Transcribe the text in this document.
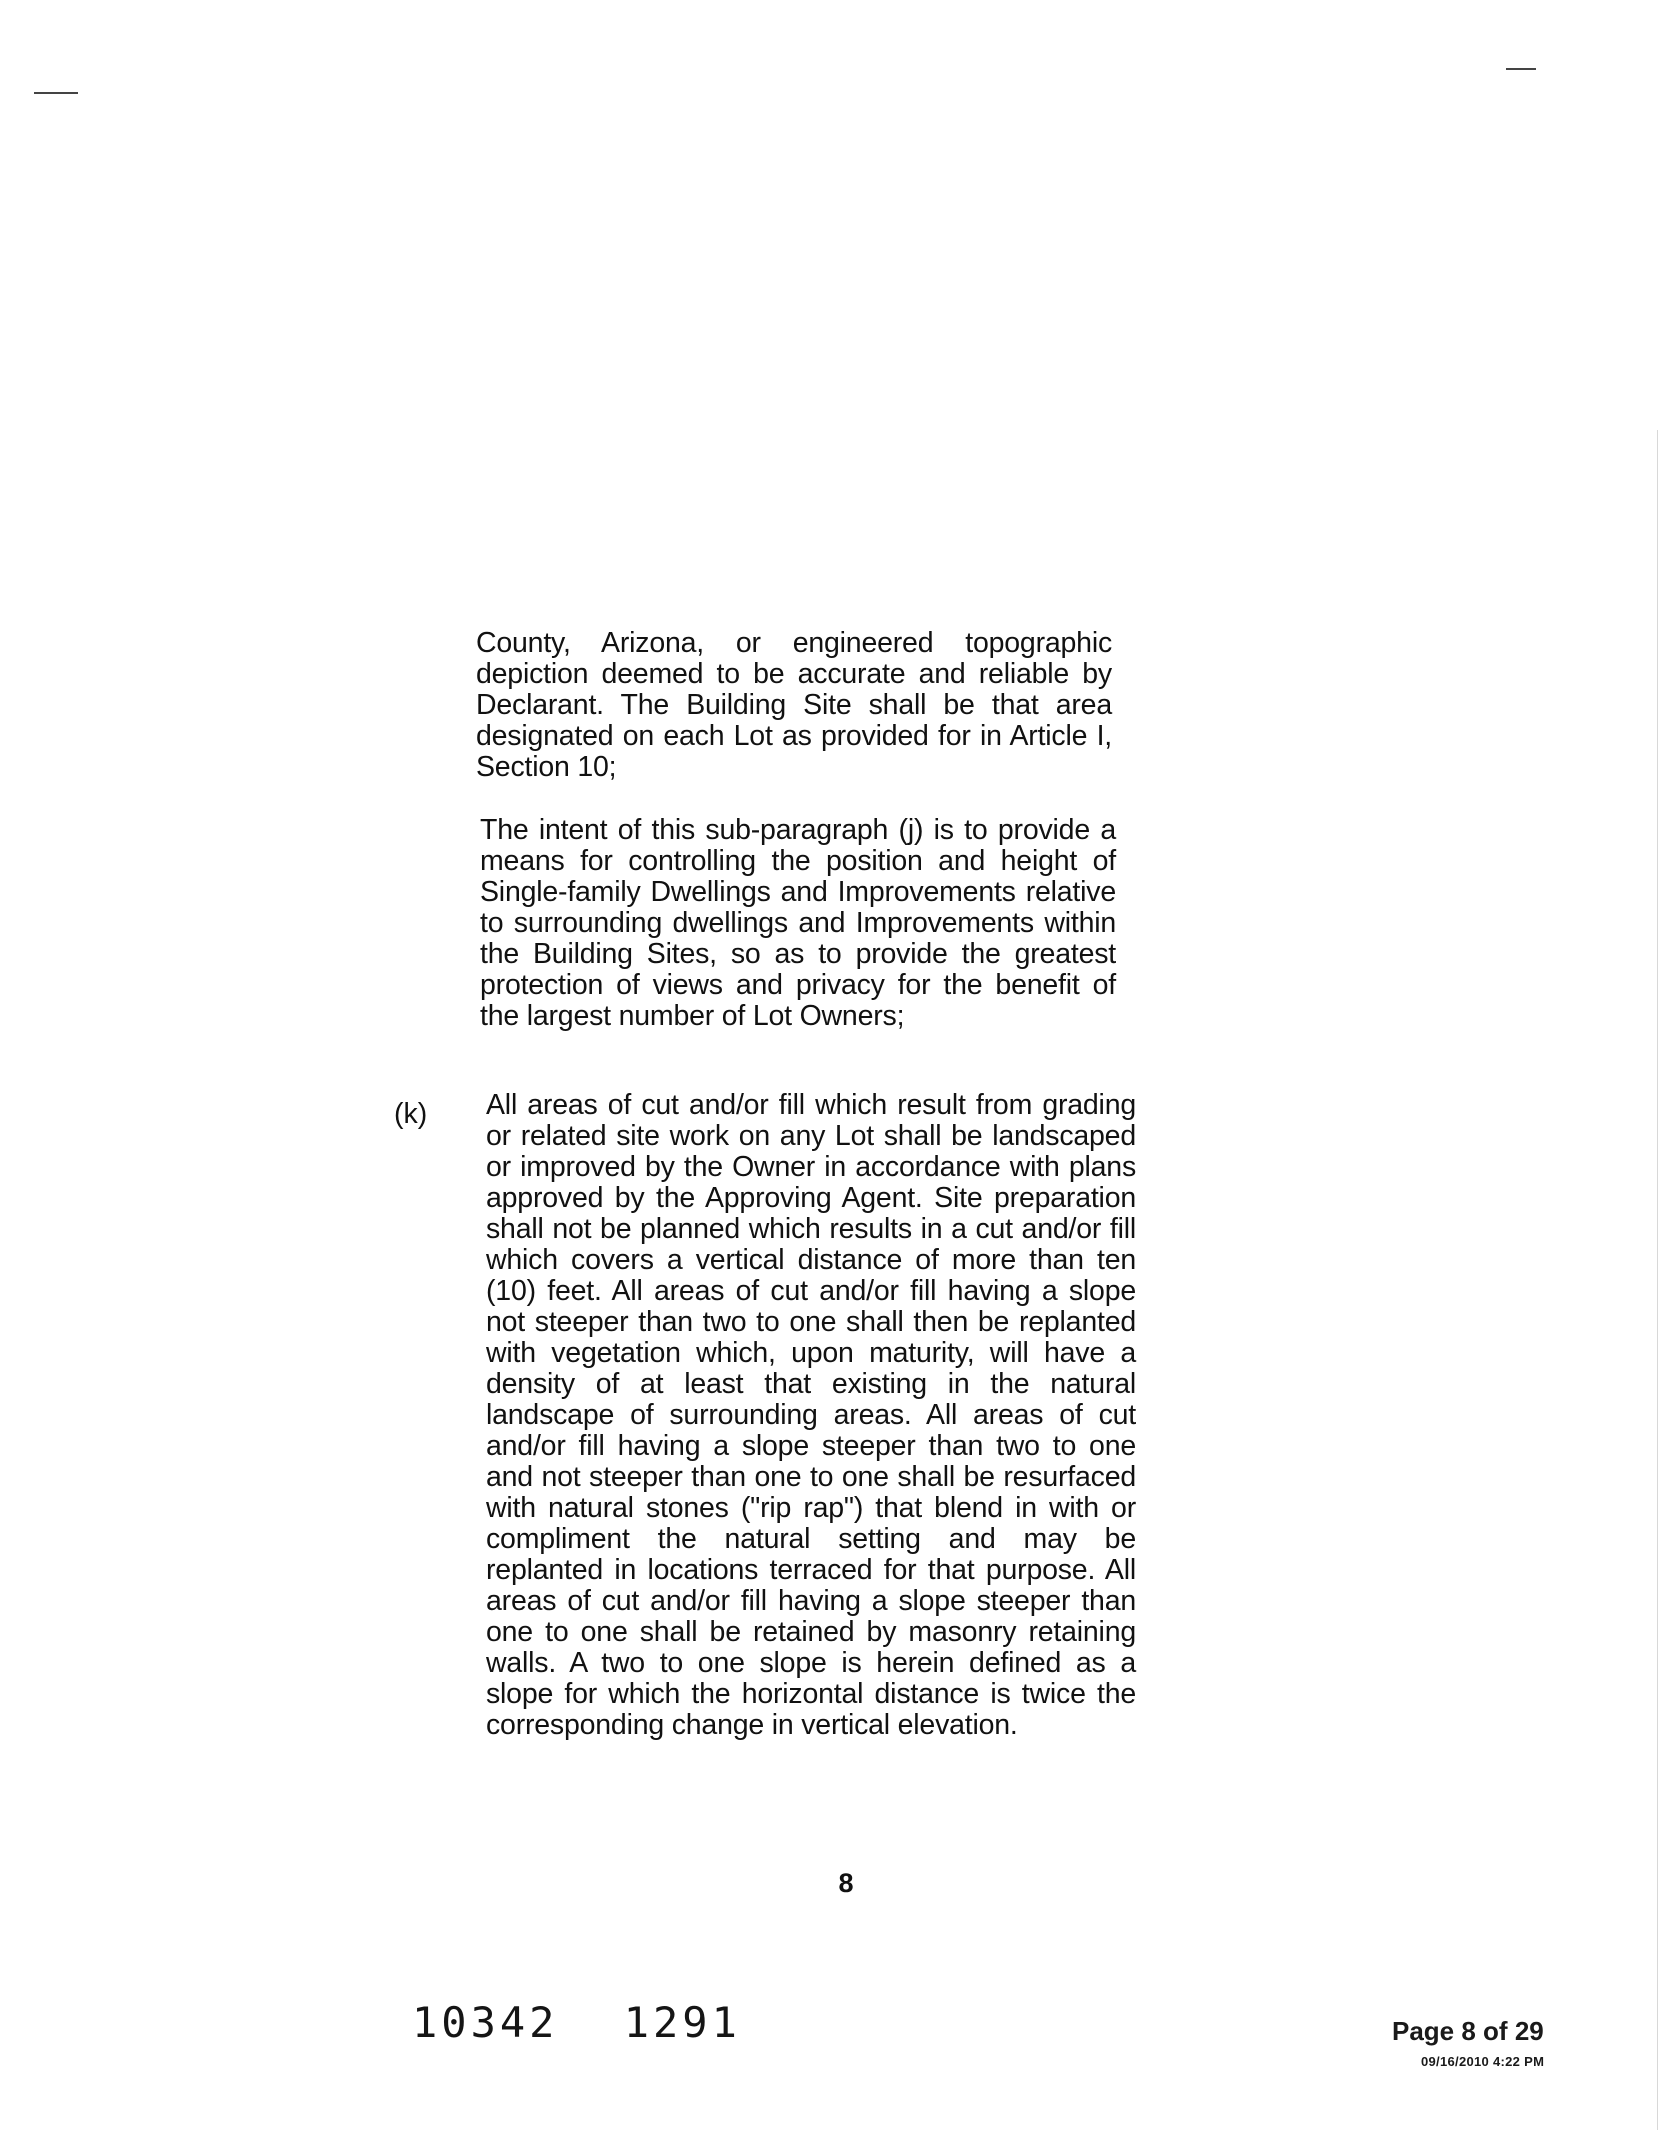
County, Arizona, or engineered topographic depiction deemed to be accurate and reliable by Declarant. The Building Site shall be that area designated on each Lot as provided for in Article I, Section 10;

The intent of this sub-paragraph (j) is to provide a means for controlling the position and height of Single-family Dwellings and Improvements relative to surrounding dwellings and Improvements within the Building Sites, so as to provide the greatest protection of views and privacy for the benefit of the largest number of Lot Owners;

(k) All areas of cut and/or fill which result from grading or related site work on any Lot shall be landscaped or improved by the Owner in accordance with plans approved by the Approving Agent. Site preparation shall not be planned which results in a cut and/or fill which covers a vertical distance of more than ten (10) feet. All areas of cut and/or fill having a slope not steeper than two to one shall then be replanted with vegetation which, upon maturity, will have a density of at least that existing in the natural landscape of surrounding areas. All areas of cut and/or fill having a slope steeper than two to one and not steeper than one to one shall be resurfaced with natural stones ("rip rap") that blend in with or compliment the natural setting and may be replanted in locations terraced for that purpose. All areas of cut and/or fill having a slope steeper than one to one shall be retained by masonry retaining walls. A two to one slope is herein defined as a slope for which the horizontal distance is twice the corresponding change in vertical elevation.

8
10342 1291	Page 8 of 29
09/16/2010 4:22 PM
